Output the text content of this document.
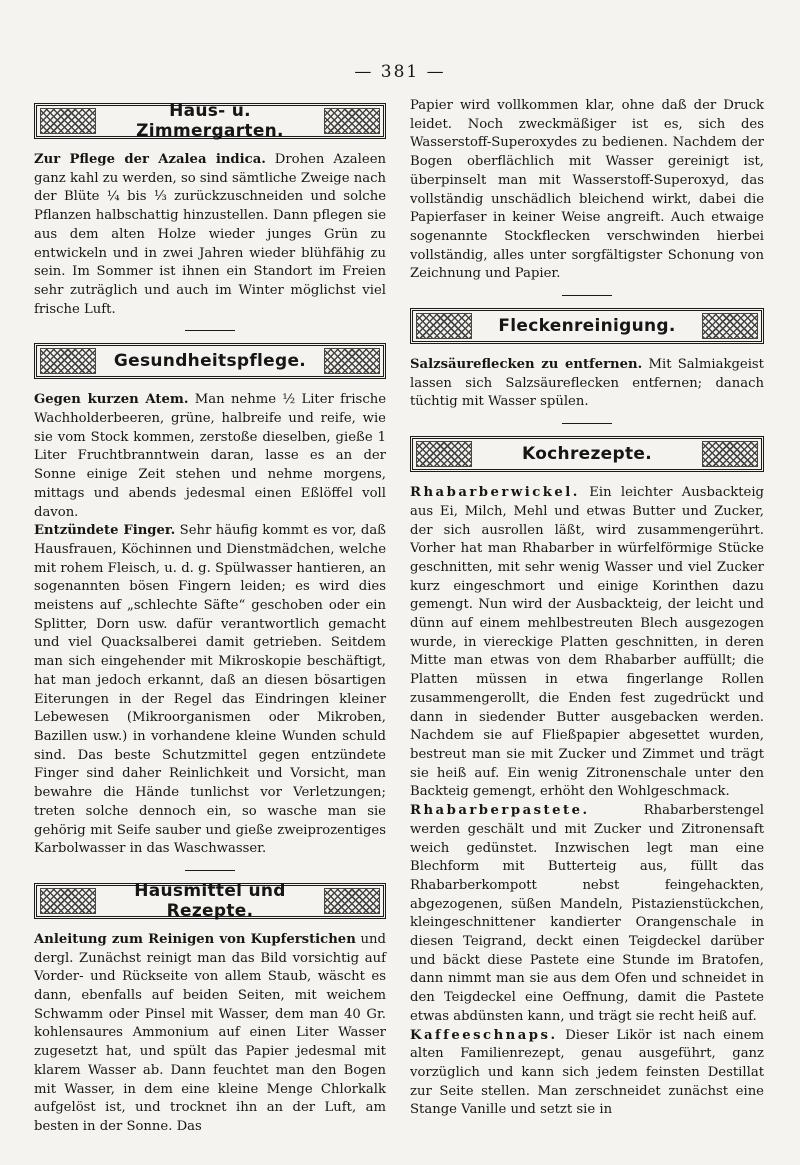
— 381 —
Haus- u. Zimmergarten.

Zur Pflege der Azalea indica. Drohen Azaleen ganz kahl zu werden, so sind sämtliche Zweige nach der Blüte ¼ bis ⅓ zurückzuschneiden und solche Pflanzen halbschattig hinzustellen. Dann pflegen sie aus dem alten Holze wieder junges Grün zu entwickeln und in zwei Jahren wieder blühfähig zu sein. Im Sommer ist ihnen ein Standort im Freien sehr zuträglich und auch im Winter möglichst viel frische Luft.

Gesundheitspflege.

Gegen kurzen Atem. Man nehme ½ Liter frische Wachholderbeeren, grüne, halbreife und reife, wie sie vom Stock kommen, zerstoße dieselben, gieße 1 Liter Fruchtbranntwein daran, lasse es an der Sonne einige Zeit stehen und nehme morgens, mittags und abends jedesmal einen Eßlöffel voll davon.

Entzündete Finger. Sehr häufig kommt es vor, daß Hausfrauen, Köchinnen und Dienstmädchen, welche mit rohem Fleisch, u. d. g. Spülwasser hantieren, an sogenannten bösen Fingern leiden; es wird dies meistens auf „schlechte Säfte“ geschoben oder ein Splitter, Dorn usw. dafür verantwortlich gemacht und viel Quacksalberei damit getrieben. Seitdem man sich eingehender mit Mikroskopie beschäftigt, hat man jedoch erkannt, daß an diesen bösartigen Eiterungen in der Regel das Eindringen kleiner Lebewesen (Mikroorganismen oder Mikroben, Bazillen usw.) in vorhandene kleine Wunden schuld sind. Das beste Schutzmittel gegen entzündete Finger sind daher Reinlichkeit und Vorsicht, man bewahre die Hände tunlichst vor Verletzungen; treten solche dennoch ein, so wasche man sie gehörig mit Seife sauber und gieße zweiprozentiges Karbolwasser in das Waschwasser.

Hausmittel und Rezepte.

Anleitung zum Reinigen von Kupferstichen und dergl. Zunächst reinigt man das Bild vorsichtig auf Vorder- und Rückseite von allem Staub, wäscht es dann, ebenfalls auf beiden Seiten, mit weichem Schwamm oder Pinsel mit Wasser, dem man 40 Gr. kohlensaures Ammonium auf einen Liter Wasser zugesetzt hat, und spült das Papier jedesmal mit klarem Wasser ab. Dann feuchtet man den Bogen mit Wasser, in dem eine kleine Menge Chlorkalk aufgelöst ist, und trocknet ihn an der Luft, am besten in der Sonne. Das

Papier wird vollkommen klar, ohne daß der Druck leidet. Noch zweckmäßiger ist es, sich des Wasserstoff-Superoxydes zu bedienen. Nachdem der Bogen oberflächlich mit Wasser gereinigt ist, überpinselt man mit Wasserstoff-Superoxyd, das vollständig unschädlich bleichend wirkt, dabei die Papierfaser in keiner Weise angreift. Auch etwaige sogenannte Stockflecken verschwinden hierbei vollständig, alles unter sorgfältigster Schonung von Zeichnung und Papier.

Fleckenreinigung.

Salzsäureflecken zu entfernen. Mit Salmiakgeist lassen sich Salzsäureflecken entfernen; danach tüchtig mit Wasser spülen.

Kochrezepte.

Rhabarberwickel. Ein leichter Ausbackteig aus Ei, Milch, Mehl und etwas Butter und Zucker, der sich ausrollen läßt, wird zusammengerührt. Vorher hat man Rhabarber in würfelförmige Stücke geschnitten, mit sehr wenig Wasser und viel Zucker kurz eingeschmort und einige Korinthen dazu gemengt. Nun wird der Ausbackteig, der leicht und dünn auf einem mehlbestreuten Blech ausgezogen wurde, in viereckige Platten geschnitten, in deren Mitte man etwas von dem Rhabarber auffüllt; die Platten müssen in etwa fingerlange Rollen zusammengerollt, die Enden fest zugedrückt und dann in siedender Butter ausgebacken werden. Nachdem sie auf Fließpapier abgesettet wurden, bestreut man sie mit Zucker und Zimmet und trägt sie heiß auf. Ein wenig Zitronenschale unter den Backteig gemengt, erhöht den Wohlgeschmack.

Rhabarberpastete. Rhabarberstengel werden geschält und mit Zucker und Zitronensaft weich gedünstet. Inzwischen legt man eine Blechform mit Butterteig aus, füllt das Rhabarberkompott nebst feingehackten, abgezogenen, süßen Mandeln, Pistazienstückchen, kleingeschnittener kandierter Orangenschale in diesen Teigrand, deckt einen Teigdeckel darüber und bäckt diese Pastete eine Stunde im Bratofen, dann nimmt man sie aus dem Ofen und schneidet in den Teigdeckel eine Oeffnung, damit die Pastete etwas abdünsten kann, und trägt sie recht heiß auf.

Kaffeeschnaps. Dieser Likör ist nach einem alten Familienrezept, genau ausgeführt, ganz vorzüglich und kann sich jedem feinsten Destillat zur Seite stellen. Man zerschneidet zunächst eine Stange Vanille und setzt sie in
